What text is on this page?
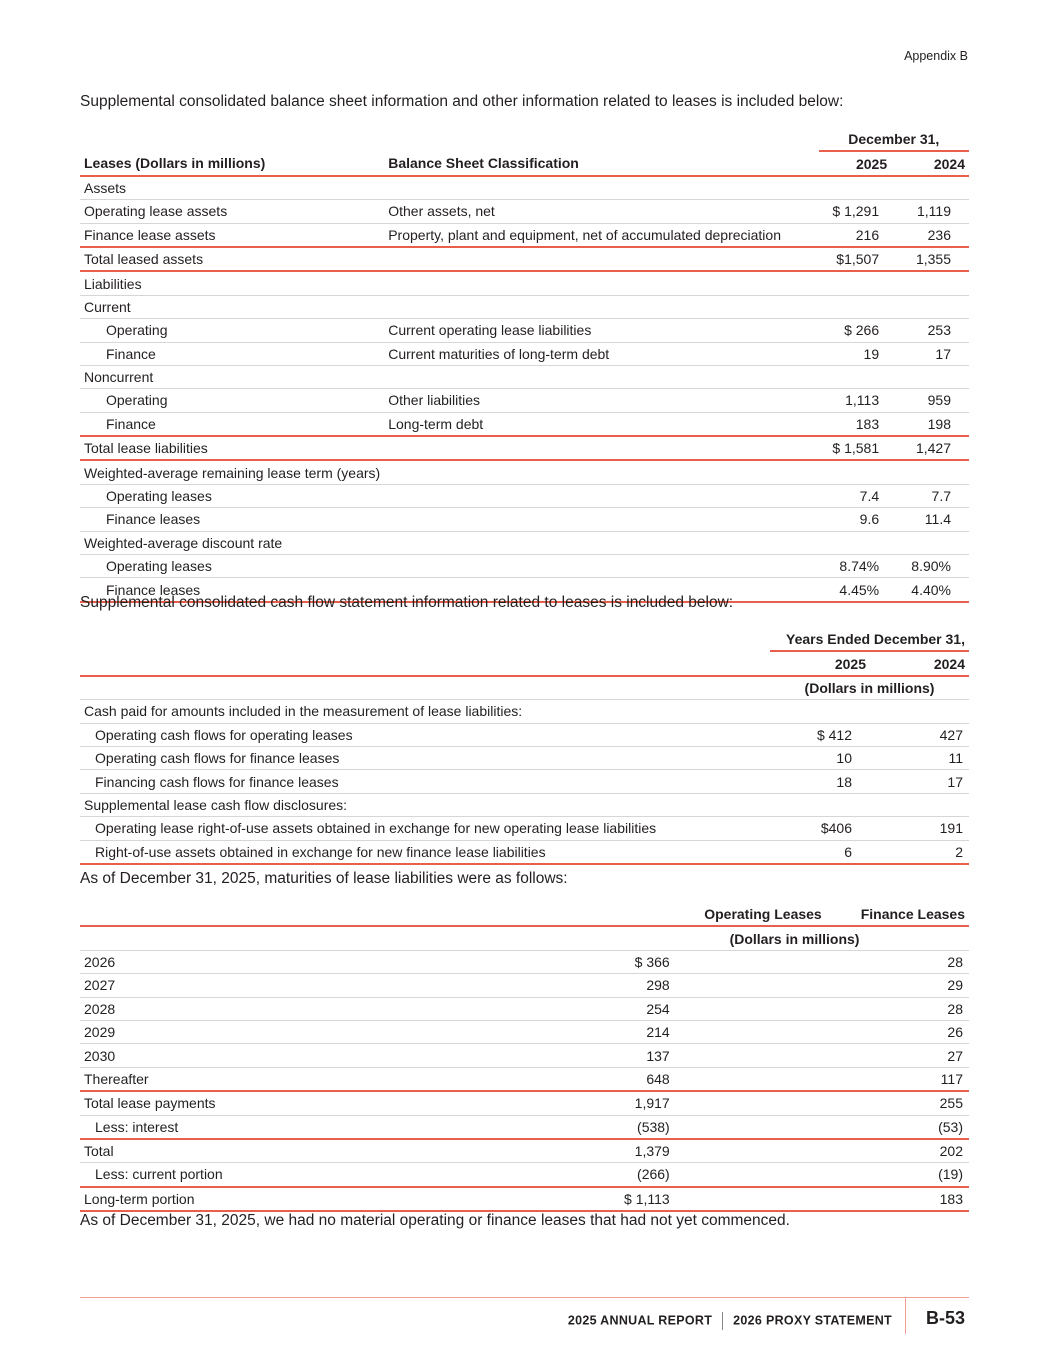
Appendix B
Supplemental consolidated balance sheet information and other information related to leases is included below:
		December 31,	
Leases (Dollars in millions)	Balance Sheet Classification	2025	2024
Assets			
Operating lease assets	Other assets, net	$ 1,291	1,119
Finance lease assets	Property, plant and equipment, net of accumulated depreciation	216	236
Total leased assets		$1,507	1,355
Liabilities			
Current			
Operating	Current operating lease liabilities	$ 266	253
Finance	Current maturities of long-term debt	19	17
Noncurrent			
Operating	Other liabilities	1,113	959
Finance	Long-term debt	183	198
Total lease liabilities		$ 1,581	1,427
Weighted-average remaining lease term (years)			
Operating leases		7.4	7.7
Finance leases		9.6	11.4
Weighted-average discount rate			
Operating leases		8.74%	8.90%
Finance leases		4.45%	4.40%
Supplemental consolidated cash flow statement information related to leases is included below:
	Years Ended December 31,	
	2025	2024
	(Dollars in millions)	
Cash paid for amounts included in the measurement of lease liabilities:		
Operating cash flows for operating leases	$ 412	427
Operating cash flows for finance leases	10	11
Financing cash flows for finance leases	18	17
Supplemental lease cash flow disclosures:		
Operating lease right-of-use assets obtained in exchange for new operating lease liabilities	$406	191
Right-of-use assets obtained in exchange for new finance lease liabilities	6	2
As of December 31, 2025, maturities of lease liabilities were as follows:
	Operating Leases	Finance Leases
	(Dollars in millions)	
2026	$ 366	28
2027	298	29
2028	254	28
2029	214	26
2030	137	27
Thereafter	648	117
Total lease payments	1,917	255
Less: interest	(538)	(53)
Total	1,379	202
Less: current portion	(266)	(19)
Long-term portion	$ 1,113	183
As of December 31, 2025, we had no material operating or finance leases that had not yet commenced.
2025 ANNUAL REPORT 2026 PROXY STATEMENT B-53
